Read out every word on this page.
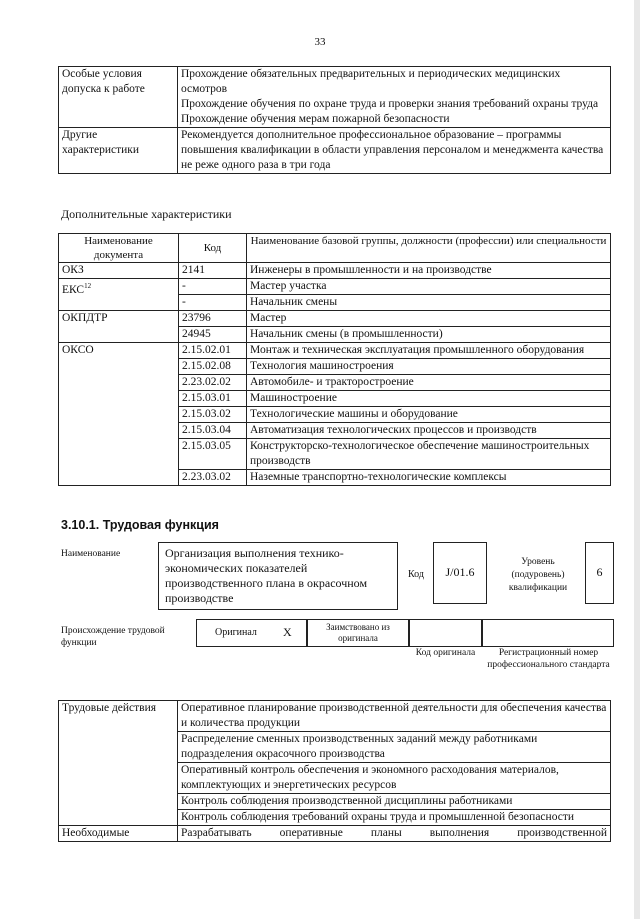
33
Особые условия допуска к работе	Прохождение обязательных предварительных и периодических медицинских осмотров
Прохождение обучения по охране труда и проверки знания требований охраны труда
Прохождение обучения мерам пожарной безопасности

Другие характеристики	Рекомендуется дополнительное профессиональное образование – программы повышения квалификации в области управления персоналом и менеджмента качества не реже одного раза в три года
Дополнительные характеристики
Наименование документа	Код	Наименование базовой группы, должности (профессии) или специальности
ОКЗ	2141	Инженеры в промышленности и на производстве
ЕКС$^{12}$	-	Мастер участка
	-	Начальник смены
ОКПДТР	23796	Мастер
	24945	Начальник смены (в промышленности)
ОКСО	2.15.02.01	Монтаж и техническая эксплуатация промышленного оборудования
	2.15.02.08	Технология машиностроения
	2.23.02.02	Автомобиле- и тракторостроение
	2.15.03.01	Машиностроение
	2.15.03.02	Технологические машины и оборудование
	2.15.03.04	Автоматизация технологических процессов и производств
	2.15.03.05	Конструкторско-технологическое обеспечение машиностроительных производств
	2.23.03.02	Наземные транспортно-технологические комплексы
3.10.1. Трудовая функция
Наименование	Организация выполнения технико-экономических показателей производственного плана в окрасочном производстве
Код	J/01.6
Уровень (подуровень) квалификации
6
Происхождение трудовой функции
Оригинал X	Заимствовано из оригинала
Код оригинала	Регистрационный номер профессионального стандарта
Трудовые действия	Оперативное планирование производственной деятельности для обеспечения качества и количества продукции
	Распределение сменных производственных заданий между работниками подразделения окрасочного производства
	Оперативный контроль обеспечения и экономного расходования материалов, комплектующих и энергетических ресурсов
	Контроль соблюдения производственной дисциплины работниками
	Контроль соблюдения требований охраны труда и промышленной безопасности
Необходимые	Разрабатывать оперативные планы выполнения производственной
